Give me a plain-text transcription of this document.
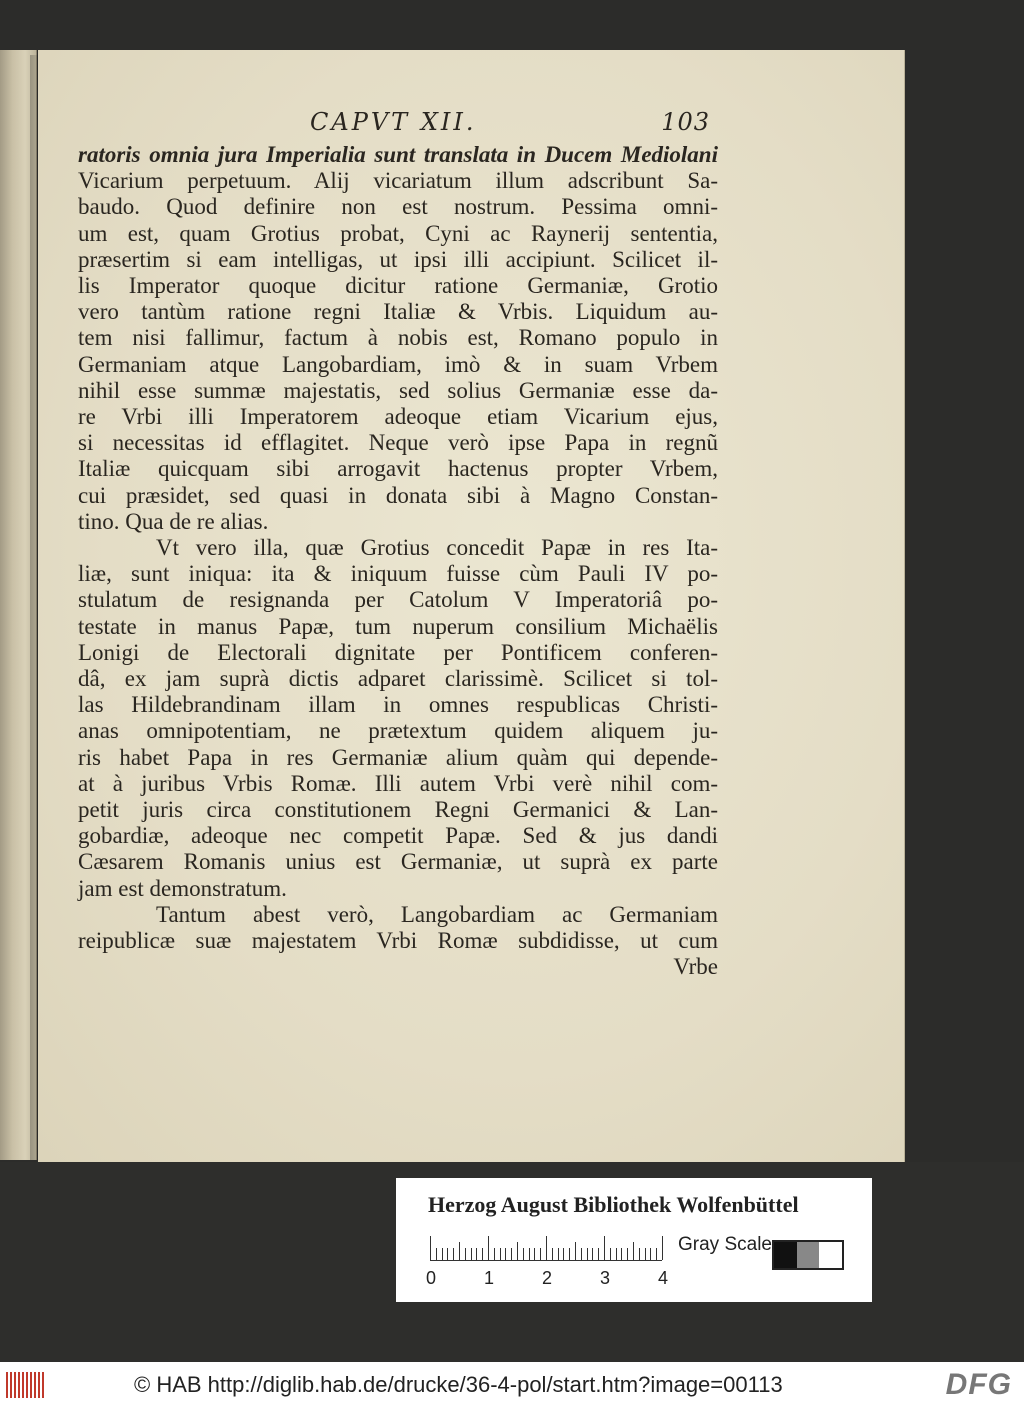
CAPVT XII.	103
ratoris omnia jura Imperialia sunt translata in Ducem Mediolani
Vicarium perpetuum. Alij vicariatum illum adscribunt Sa-
baudo. Quod definire non est nostrum. Pessima omni-
um est, quam Grotius probat, Cyni ac Raynerij sententia,
præsertim si eam intelligas, ut ipsi illi accipiunt. Scilicet il-
lis Imperator quoque dicitur ratione Germaniæ, Grotio
vero tantùm ratione regni Italiæ & Vrbis. Liquidum au-
tem nisi fallimur, factum à nobis est, Romano populo in
Germaniam atque Langobardiam, imò & in suam Vrbem
nihil esse summæ majestatis, sed solius Germaniæ esse da-
re Vrbi illi Imperatorem adeoque etiam Vicarium ejus,
si necessitas id efflagitet. Neque verò ipse Papa in regnũ
Italiæ quicquam sibi arrogavit hactenus propter Vrbem,
cui præsidet, sed quasi in donata sibi à Magno Constan-
tino. Qua de re alias.
Vt vero illa, quæ Grotius concedit Papæ in res Ita-
liæ, sunt iniqua: ita & iniquum fuisse cùm Pauli IV po-
stulatum de resignanda per Catolum V Imperatoriâ po-
testate in manus Papæ, tum nuperum consilium Michaëlis
Lonigi de Electorali dignitate per Pontificem conferen-
dâ, ex jam suprà dictis adparet clarissimè. Scilicet si tol-
las Hildebrandinam illam in omnes respublicas Christi-
anas omnipotentiam, ne prætextum quidem aliquem ju-
ris habet Papa in res Germaniæ alium quàm qui depende-
at à juribus Vrbis Romæ. Illi autem Vrbi verè nihil com-
petit juris circa constitutionem Regni Germanici & Lan-
gobardiæ, adeoque nec competit Papæ. Sed & jus dandi
Cæsarem Romanis unius est Germaniæ, ut suprà ex parte
jam est demonstratum.
Tantum abest verò, Langobardiam ac Germaniam
reipublicæ suæ majestatem Vrbi Romæ subdidisse, ut cum
Vrbe
Herzog August Bibliothek Wolfenbüttel
0	1	2	3	4
Gray Scale
© HAB http://diglib.hab.de/drucke/36-4-pol/start.htm?image=00113	DFG
